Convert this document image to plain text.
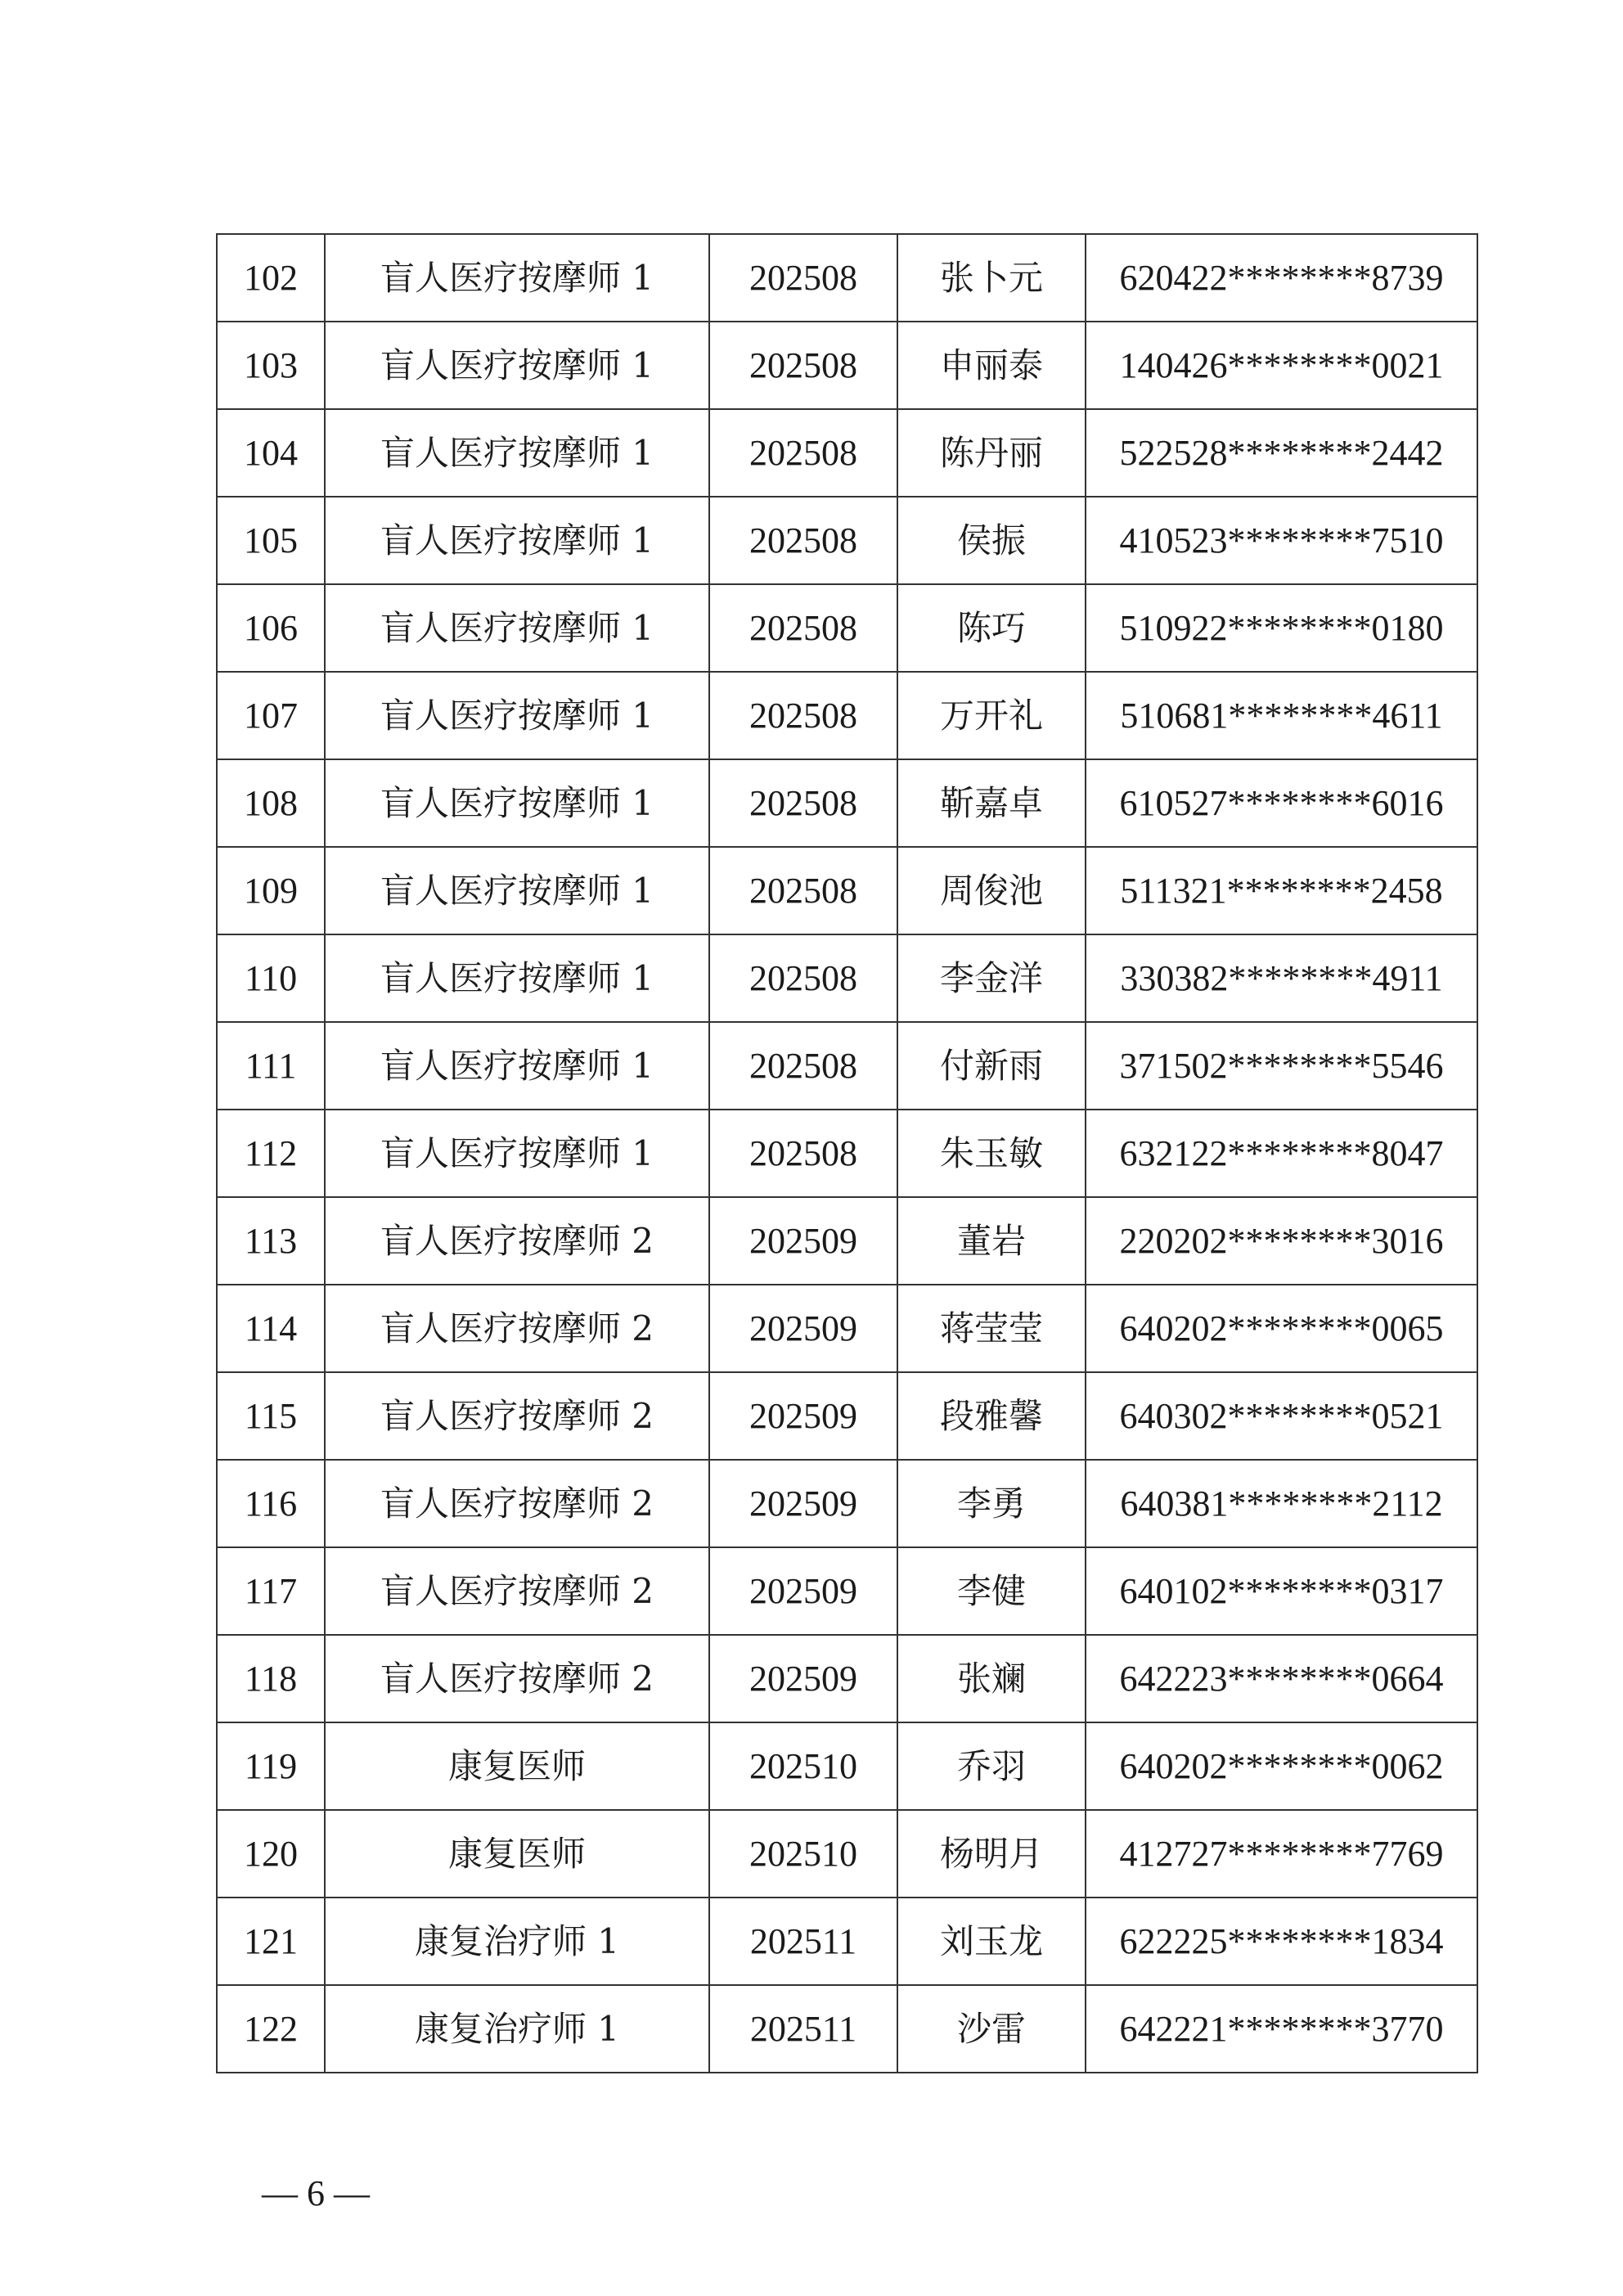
102	盲人医疗按摩师 1	202508	张卜元	620422********8739
103	盲人医疗按摩师 1	202508	申丽泰	140426********0021
104	盲人医疗按摩师 1	202508	陈丹丽	522528********2442
105	盲人医疗按摩师 1	202508	侯振	410523********7510
106	盲人医疗按摩师 1	202508	陈巧	510922********0180
107	盲人医疗按摩师 1	202508	万开礼	510681********4611
108	盲人医疗按摩师 1	202508	靳嘉卓	610527********6016
109	盲人医疗按摩师 1	202508	周俊池	511321********2458
110	盲人医疗按摩师 1	202508	李金洋	330382********4911
111	盲人医疗按摩师 1	202508	付新雨	371502********5546
112	盲人医疗按摩师 1	202508	朱玉敏	632122********8047
113	盲人医疗按摩师 2	202509	董岩	220202********3016
114	盲人医疗按摩师 2	202509	蒋莹莹	640202********0065
115	盲人医疗按摩师 2	202509	段雅馨	640302********0521
116	盲人医疗按摩师 2	202509	李勇	640381********2112
117	盲人医疗按摩师 2	202509	李健	640102********0317
118	盲人医疗按摩师 2	202509	张斓	642223********0664
119	康复医师	202510	乔羽	640202********0062
120	康复医师	202510	杨明月	412727********7769
121	康复治疗师 1	202511	刘玉龙	622225********1834
122	康复治疗师 1	202511	沙雷	642221********3770
— 6 —
